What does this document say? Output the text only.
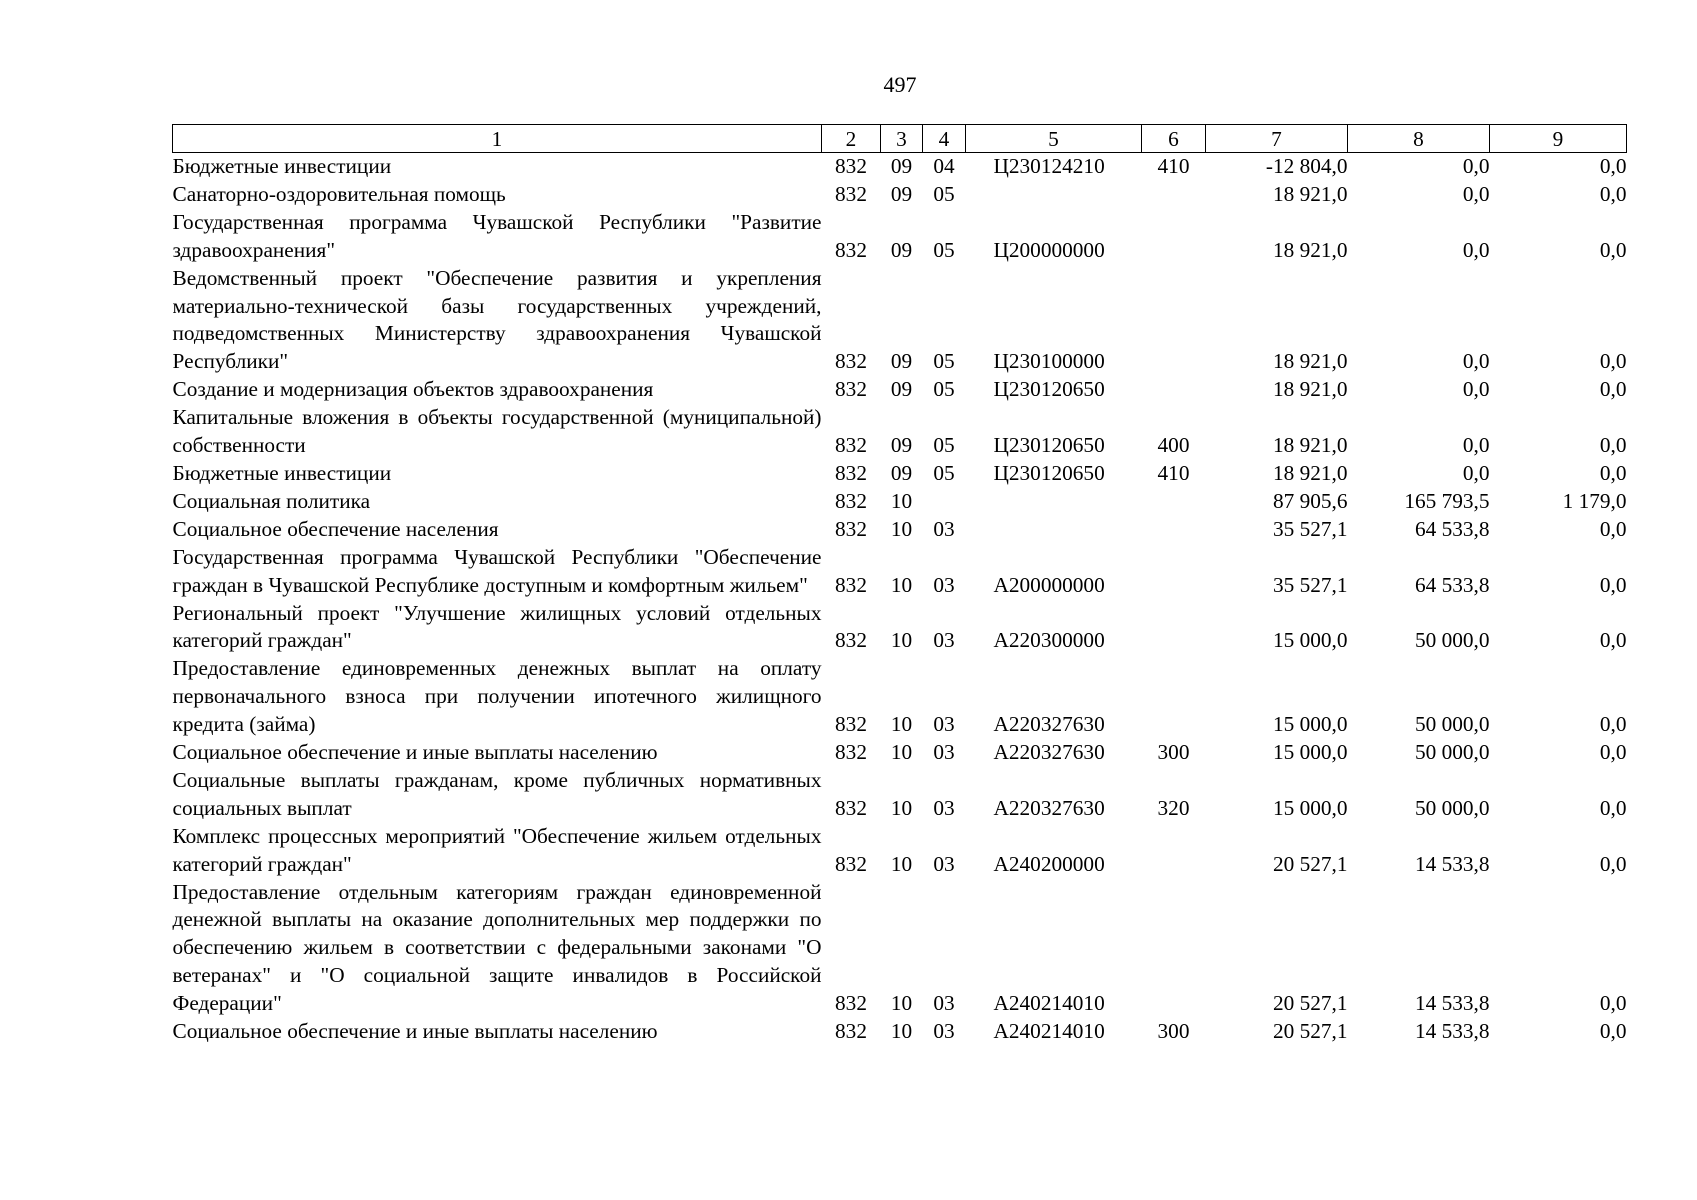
497
1	2	3	4	5	6	7	8	9
Бюджетные инвестиции	832	09	04	Ц230124210	410	-12 804,0	0,0	0,0
Санаторно-оздоровительная помощь	832	09	05			18 921,0	0,0	0,0
Государственная программа Чувашской Республики "Развитие здравоохранения"	832	09	05	Ц200000000		18 921,0	0,0	0,0
Ведомственный проект "Обеспечение развития и укрепления материально-технической базы государственных учреждений, подведомственных Министерству здравоохранения Чувашской Республики"	832	09	05	Ц230100000		18 921,0	0,0	0,0
Создание и модернизация объектов здравоохранения	832	09	05	Ц230120650		18 921,0	0,0	0,0
Капитальные вложения в объекты государственной (муниципальной) собственности	832	09	05	Ц230120650	400	18 921,0	0,0	0,0
Бюджетные инвестиции	832	09	05	Ц230120650	410	18 921,0	0,0	0,0
Социальная политика	832	10				87 905,6	165 793,5	1 179,0
Социальное обеспечение населения	832	10	03			35 527,1	64 533,8	0,0
Государственная программа Чувашской Республики "Обеспечение граждан в Чувашской Республике доступным и комфортным жильем"	832	10	03	А200000000		35 527,1	64 533,8	0,0
Региональный проект "Улучшение жилищных условий отдельных категорий граждан"	832	10	03	А220300000		15 000,0	50 000,0	0,0
Предоставление единовременных денежных выплат на оплату первоначального взноса при получении ипотечного жилищного кредита (займа)	832	10	03	А220327630		15 000,0	50 000,0	0,0
Социальное обеспечение и иные выплаты населению	832	10	03	А220327630	300	15 000,0	50 000,0	0,0
Социальные выплаты гражданам, кроме публичных нормативных социальных выплат	832	10	03	А220327630	320	15 000,0	50 000,0	0,0
Комплекс процессных мероприятий "Обеспечение жильем отдельных категорий граждан"	832	10	03	А240200000		20 527,1	14 533,8	0,0
Предоставление отдельным категориям граждан единовременной денежной выплаты на оказание дополнительных мер поддержки по обеспечению жильем в соответствии с федеральными законами "О ветеранах" и "О социальной защите инвалидов в Российской Федерации"	832	10	03	А240214010		20 527,1	14 533,8	0,0
Социальное обеспечение и иные выплаты населению	832	10	03	А240214010	300	20 527,1	14 533,8	0,0
